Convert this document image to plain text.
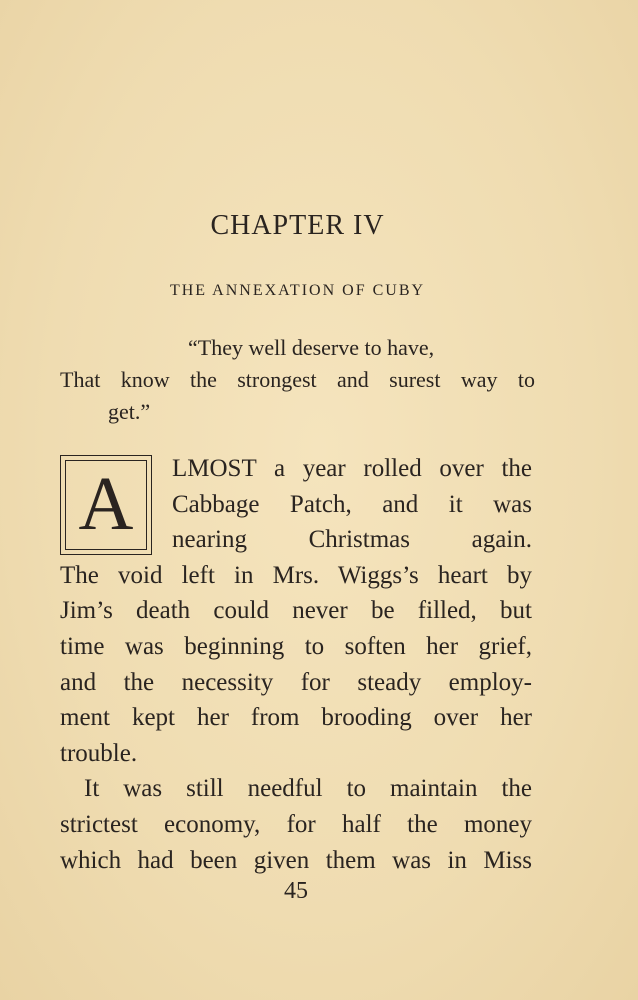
CHAPTER IV
THE ANNEXATION OF CUBY
“They well deserve to have,
That know the strongest and surest way to
get.”
A	LMOST a year rolled over the
Cabbage Patch, and it was
nearing Christmas again.
The void left in Mrs. Wiggs’s heart by
Jim’s death could never be filled, but
time was beginning to soften her grief,
and the necessity for steady employ-
ment kept her from brooding over her
trouble.
It was still needful to maintain the
strictest economy, for half the money
which had been given them was in Miss
45
